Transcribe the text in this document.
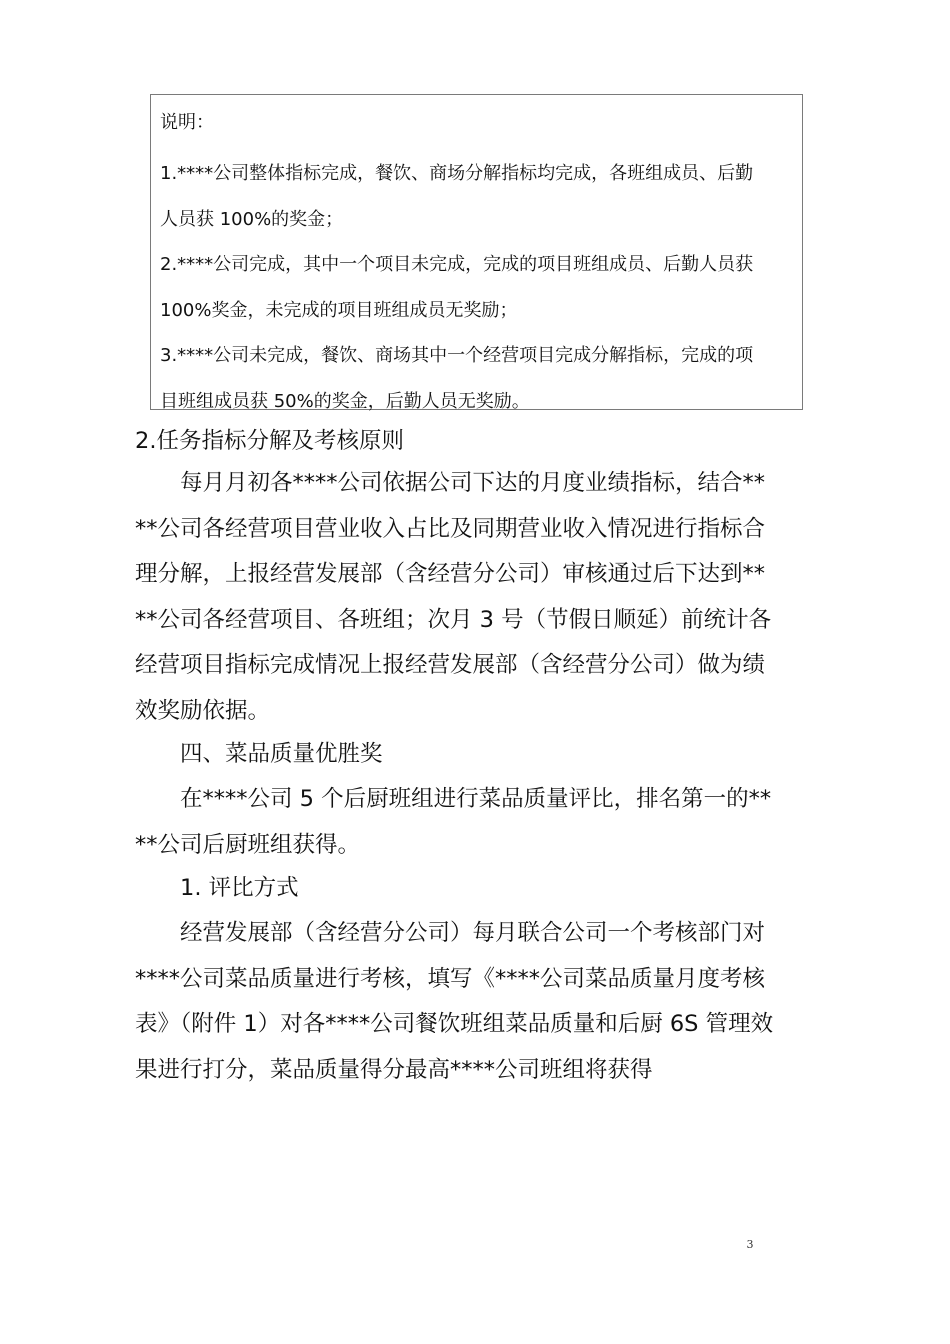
说明：

1.****公司整体指标完成，餐饮、商场分解指标均完成，各班组成员、后勤

人员获 100%的奖金；

2.****公司完成，其中一个项目未完成，完成的项目班组成员、后勤人员获

100%奖金，未完成的项目班组成员无奖励；

3.****公司未完成，餐饮、商场其中一个经营项目完成分解指标，完成的项

目班组成员获 50%的奖金，后勤人员无奖励。

2.任务指标分解及考核原则

　　每月月初各****公司依据公司下达的月度业绩指标，结合**
**公司各经营项目营业收入占比及同期营业收入情况进行指标合
理分解，上报经营发展部（含经营分公司）审核通过后下达到**
**公司各经营项目、各班组；次月 3 号（节假日顺延）前统计各
经营项目指标完成情况上报经营发展部（含经营分公司）做为绩
效奖励依据。
　　四、菜品质量优胜奖
　　在****公司 5 个后厨班组进行菜品质量评比，排名第一的**
**公司后厨班组获得。
　　1. 评比方式
　　经营发展部（含经营分公司）每月联合公司一个考核部门对
****公司菜品质量进行考核，填写《****公司菜品质量月度考核
表》（附件 1）对各****公司餐饮班组菜品质量和后厨 6S 管理效
果进行打分，菜品质量得分最高****公司班组将获得
3
